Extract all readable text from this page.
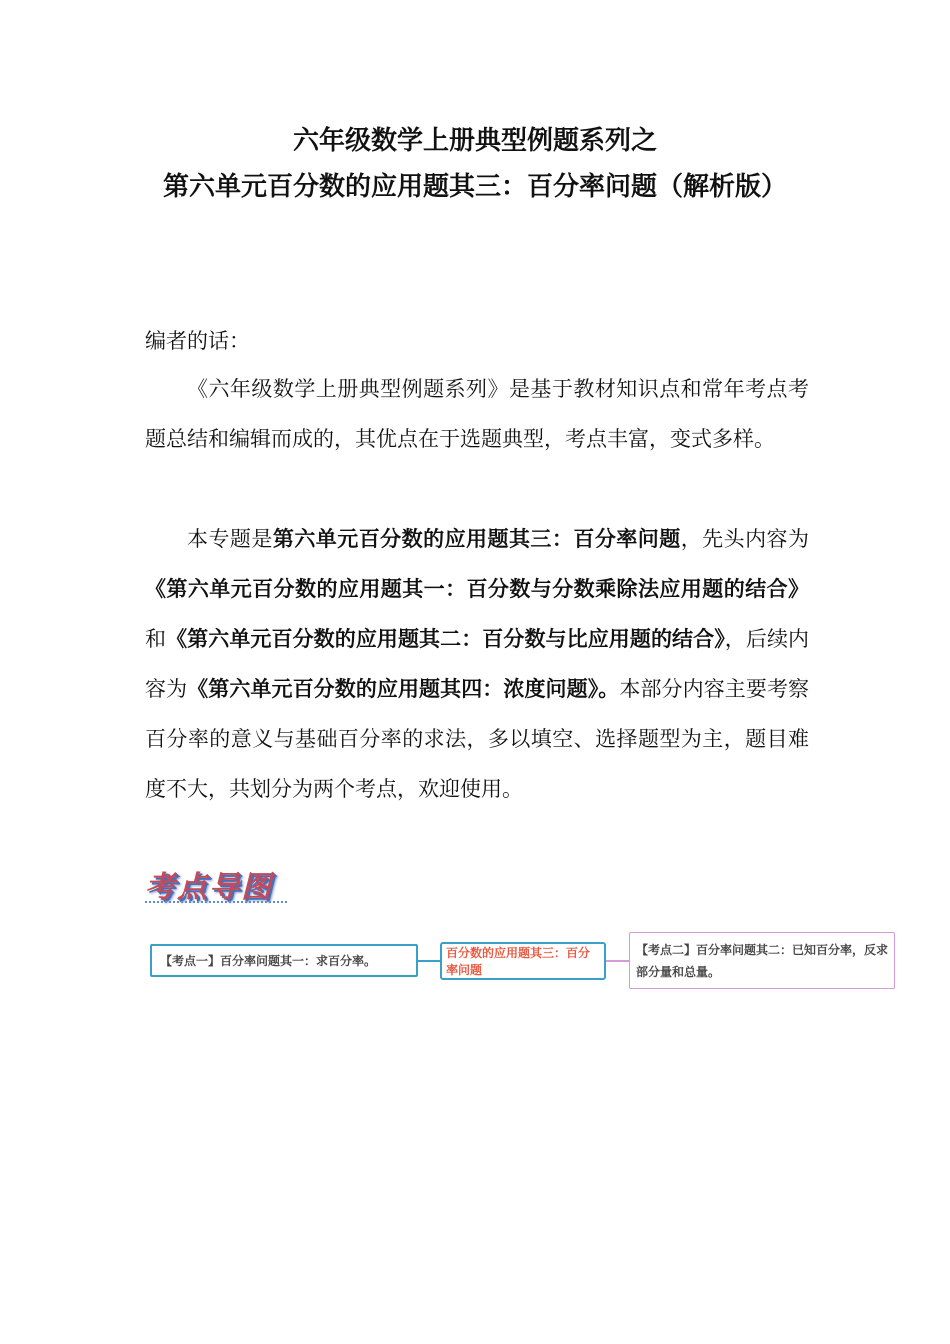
六年级数学上册典型例题系列之
第六单元百分数的应用题其三：百分率问题（解析版）
编者的话：

《六年级数学上册典型例题系列》是基于教材知识点和常年考点考题总结和编辑而成的，其优点在于选题典型，考点丰富，变式多样。

本专题是第六单元百分数的应用题其三：百分率问题，先头内容为《第六单元百分数的应用题其一：百分数与分数乘除法应用题的结合》和《第六单元百分数的应用题其二：百分数与比应用题的结合》，后续内容为《第六单元百分数的应用题其四：浓度问题》。本部分内容主要考察百分率的意义与基础百分率的求法，多以填空、选择题型为主，题目难度不大，共划分为两个考点，欢迎使用。

考点导图
【考点一】百分率问题其一：求百分率。
百分数的应用题其三：百分率问题
【考点二】百分率问题其二：已知百分率，反求部分量和总量。
